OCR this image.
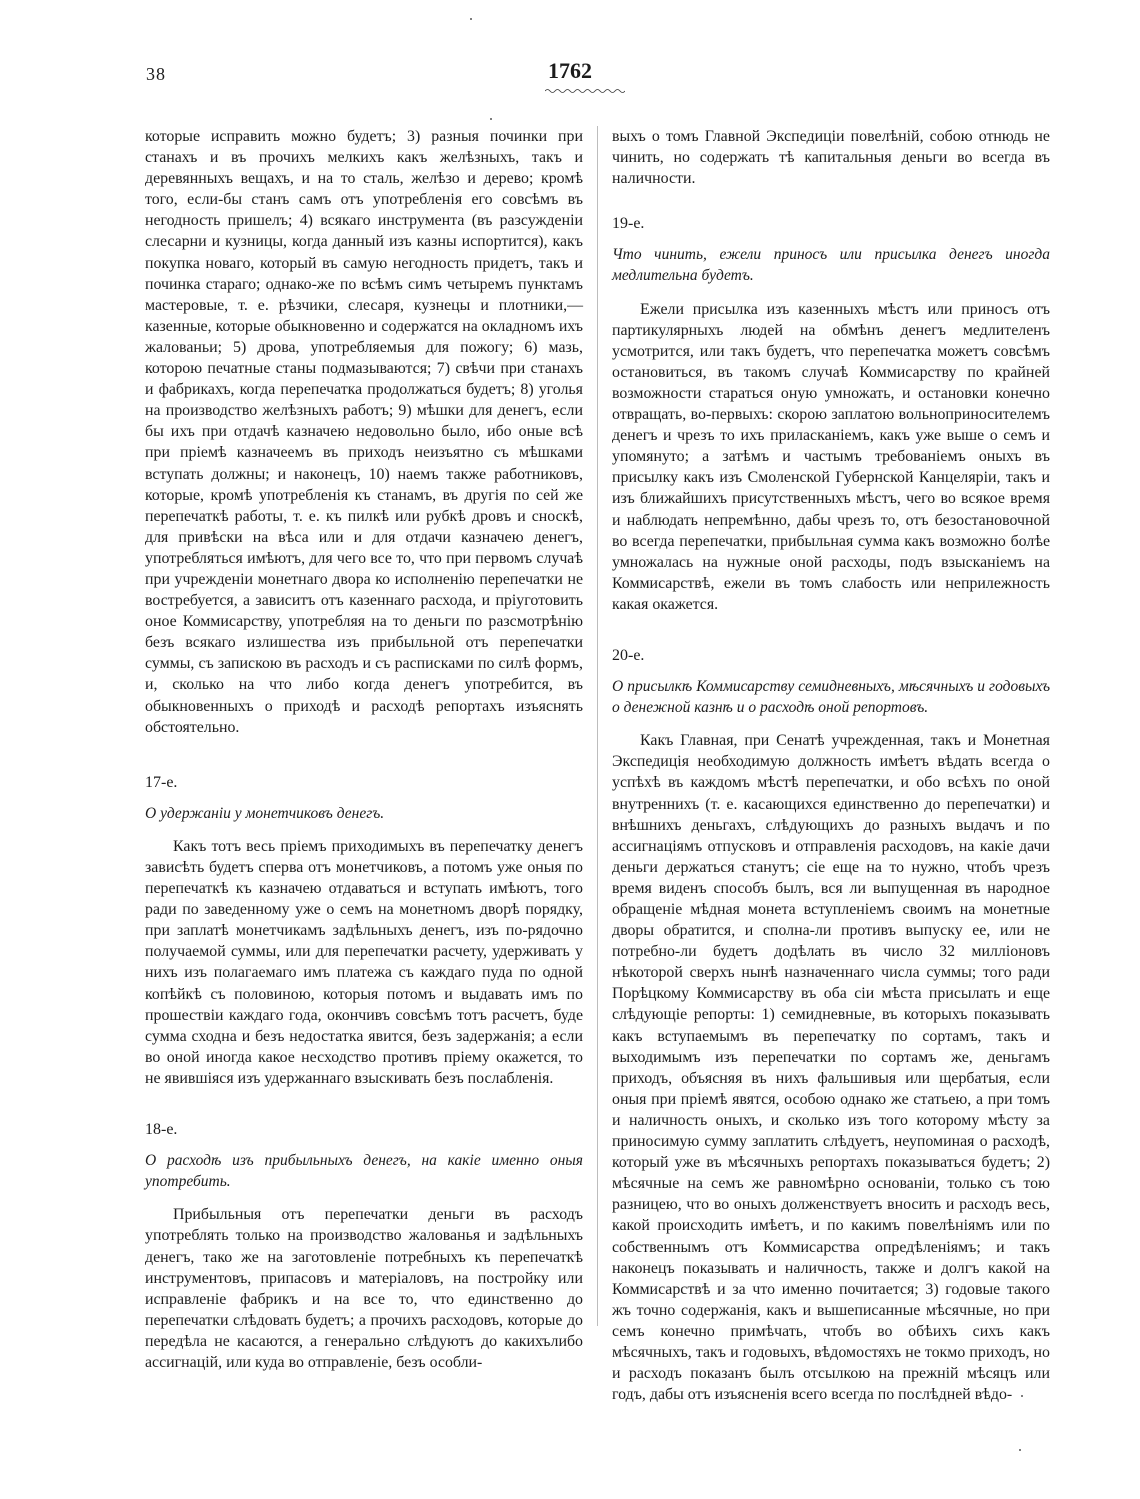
38	1762

которые исправить можно будетъ; 3) разныя починки при станахъ и въ прочихъ мелкихъ какъ желѣзныхъ, такъ и деревянныхъ вещахъ, и на то сталь, желѣзо и дерево; кромѣ того, если-бы станъ самъ отъ употребленія его совсѣмъ въ негодность пришелъ; 4) всякаго инструмента (въ разсужденіи слесарни и кузницы, когда данный изъ казны испортится), какъ покупка новаго, который въ самую негодность придетъ, такъ и починка стараго; однако-же по всѣмъ симъ четыремъ пунктамъ мастеровые, т. е. рѣзчики, слесаря, кузнецы и плотники,—казенные, которые обыкновенно и содержатся на окладномъ ихъ жалованьи; 5) дрова, употребляемыя для пожогу; 6) мазь, которою печатные станы подмазываются; 7) свѣчи при станахъ и фабрикахъ, когда перепечатка продолжаться будетъ; 8) уголья на производство желѣзныхъ работъ; 9) мѣшки для денегъ, если бы ихъ при отдачѣ казначею недовольно было, ибо оные всѣ при пріемѣ казначеемъ въ приходъ неизъятно съ мѣшками вступать должны; и наконецъ, 10) наемъ также работниковъ, которые, кромѣ употребленія къ станамъ, въ другія по сей же перепечаткѣ работы, т. е. къ пилкѣ или рубкѣ дровъ и сноскѣ, для привѣски на вѣса или и для отдачи казначею денегъ, употребляться имѣютъ, для чего все то, что при первомъ случаѣ при учрежденіи монетнаго двора ко исполненію перепечатки не востребуется, а зависитъ отъ казеннаго расхода, и пріуготовить оное Коммисарству, употребляя на то деньги по разсмотрѣнію безъ всякаго излишества изъ прибыльной отъ перепечатки суммы, съ запискою въ расходъ и съ расписками по силѣ формъ, и, сколько на что либо когда денегъ употребится, въ обыкновенныхъ о приходѣ и расходѣ репортахъ изъяснять обстоятельно.

17-е.

О удержаніи у монетчиковъ денегъ.

Какъ тотъ весь пріемъ приходимыхъ въ перепечатку денегъ зависѣть будетъ сперва отъ монетчиковъ, а потомъ уже оныя по перепечаткѣ къ казначею отдаваться и вступать имѣютъ, того ради по заведенному уже о семъ на монетномъ дворѣ порядку, при заплатѣ монетчикамъ задѣльныхъ денегъ, изъ по-рядочно получаемой суммы, или для перепечатки расчету, удерживать у нихъ изъ полагаемаго имъ платежа съ каждаго пуда по одной копѣйкѣ съ половиною, которыя потомъ и выдавать имъ по прошествіи каждаго года, окончивъ совсѣмъ тотъ расчетъ, буде сумма сходна и безъ недостатка явится, безъ задержанія; а если во оной иногда какое несходство противъ пріему окажется, то не явившіяся изъ удержаннаго взыскивать безъ послабленія.

18-е.

О расходѣ изъ прибыльныхъ денегъ, на какіе именно оныя употребить.

Прибыльныя отъ перепечатки деньги въ расходъ употреблять только на производство жалованья и задѣльныхъ денегъ, тако же на заготовленіе потребныхъ къ перепечаткѣ инструментовъ, припасовъ и матеріаловъ, на постройку или исправленіе фабрикъ и на все то, что единственно до перепечатки слѣдовать будетъ; а прочихъ расходовъ, которые до передѣла не касаются, а генерально слѣдуютъ до какихълибо ассигнацій, или куда во отправленіе, безъ особли-

выхъ о томъ Главной Экспедиціи повелѣній, собою отнюдь не чинить, но содержать тѣ капитальныя деньги во всегда въ наличности.

19-е.

Что чинить, ежели приносъ или присылка денегъ иногда медлительна будетъ.

Ежели присылка изъ казенныхъ мѣстъ или приносъ отъ партикулярныхъ людей на обмѣнъ денегъ медлителенъ усмотрится, или такъ будетъ, что перепечатка можетъ совсѣмъ остановиться, въ такомъ случаѣ Коммисарству по крайней возможности стараться оную умножать, и остановки конечно отвращать, во-первыхъ: скорою заплатою вольноприносителемъ денегъ и чрезъ то ихъ приласканіемъ, какъ уже выше о семъ и упомянуто; а затѣмъ и частымъ требованіемъ оныхъ въ присылку какъ изъ Смоленской Губернской Канцеляріи, такъ и изъ ближайшихъ присутственныхъ мѣстъ, чего во всякое время и наблюдать непремѣнно, дабы чрезъ то, отъ безостановочной во всегда перепечатки, прибыльная сумма какъ возможно болѣе умножалась на нужные оной расходы, подъ взысканіемъ на Коммисарствѣ, ежели въ томъ слабость или неприлежность какая окажется.

20-е.

О присылкѣ Коммисарству семидневныхъ, мѣсячныхъ и годовыхъ о денежной казнѣ и о расходѣ оной репортовъ.

Какъ Главная, при Сенатѣ учрежденная, такъ и Монетная Экспедиція необходимую должность имѣетъ вѣдать всегда о успѣхѣ въ каждомъ мѣстѣ перепечатки, и обо всѣхъ по оной внутреннихъ (т. е. касающихся единственно до перепечатки) и внѣшнихъ деньгахъ, слѣдующихъ до разныхъ выдачъ и по ассигнаціямъ отпусковъ и отправленія расходовъ, на какіе дачи деньги держаться станутъ; сіе еще на то нужно, чтобъ чрезъ время виденъ способъ былъ, вся ли выпущенная въ народное обращеніе мѣдная монета вступленіемъ своимъ на монетные дворы обратится, и сполна-ли противъ выпуску ее, или не потребно-ли будетъ додѣлать въ число 32 милліоновъ нѣкоторой сверхъ нынѣ назначеннаго числа суммы; того ради Порѣцкому Коммисарству въ оба сіи мѣста присылать и еще слѣдующіе репорты: 1) семидневные, въ которыхъ показывать какъ вступаемымъ въ перепечатку по сортамъ, такъ и выходимымъ изъ перепечатки по сортамъ же, деньгамъ приходъ, объясняя въ нихъ фальшивыя или щербатыя, если оныя при пріемѣ явятся, особою однако же статьею, а при томъ и наличность оныхъ, и сколько изъ того которому мѣсту за приносимую сумму заплатить слѣдуетъ, неупоминая о расходѣ, который уже въ мѣсячныхъ репортахъ показываться будетъ; 2) мѣсячные на семъ же равномѣрно основаніи, только съ тою разницею, что во оныхъ долженствуетъ вносить и расходъ весь, какой происходить имѣетъ, и по какимъ повелѣніямъ или по собственнымъ отъ Коммисарства опредѣленіямъ; и такъ наконецъ показывать и наличность, также и долгъ какой на Коммисарствѣ и за что именно почитается; 3) годовые такого жъ точно содержанія, какъ и вышеписанные мѣсячные, но при семъ конечно примѣчать, чтобъ во обѣихъ сихъ какъ мѣсячныхъ, такъ и годовыхъ, вѣдомостяхъ не токмо приходъ, но и расходъ показанъ былъ отсылкою на прежній мѣсяцъ или годъ, дабы отъ изъясненія всего всегда по послѣдней вѣдо-
